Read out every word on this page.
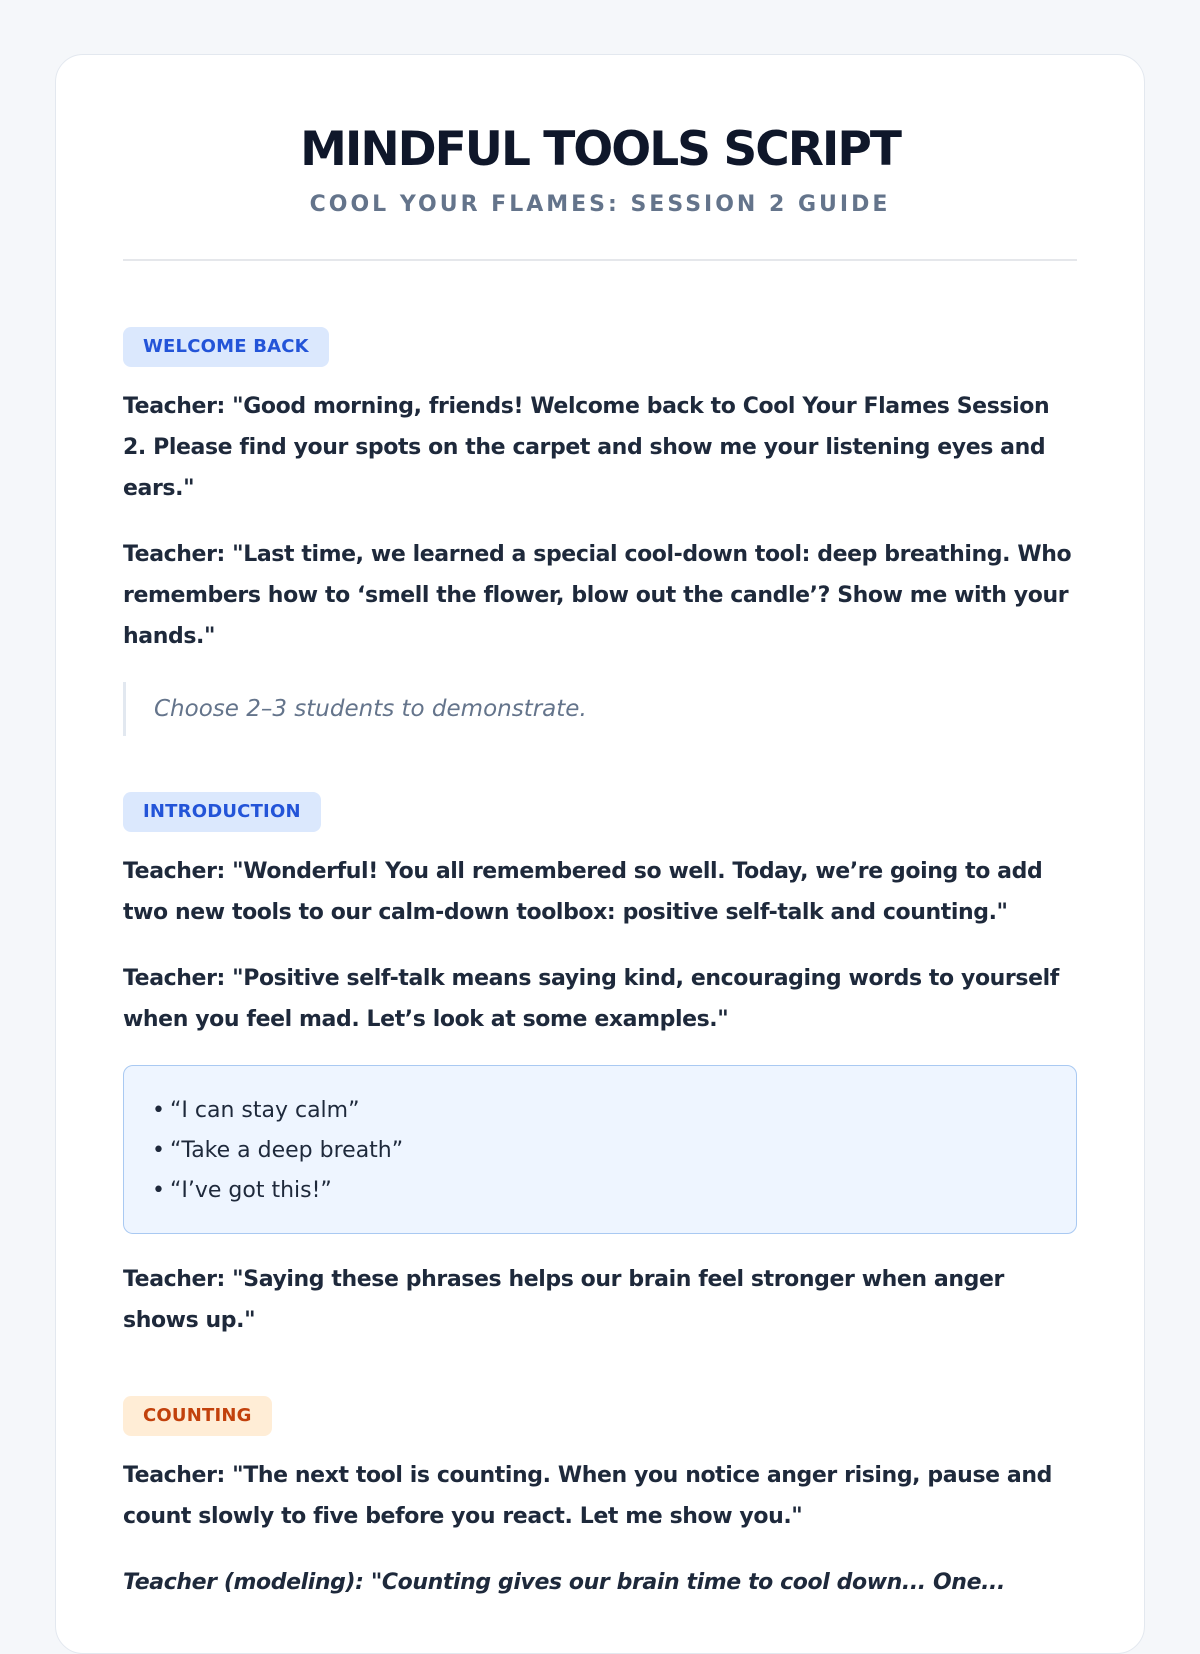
MINDFUL TOOLS SCRIPT
COOL YOUR FLAMES: SESSION 2 GUIDE
WELCOME BACK

Teacher: "Good morning, friends! Welcome back to Cool Your Flames Session 2. Please find your spots on the carpet and show me your listening eyes and ears."

Teacher: "Last time, we learned a special cool-down tool: deep breathing. Who remembers how to ‘smell the flower, blow out the candle’? Show me with your hands."

Choose 2–3 students to demonstrate.
INTRODUCTION

Teacher: "Wonderful! You all remembered so well. Today, we’re going to add two new tools to our calm-down toolbox: positive self-talk and counting."

Teacher: "Positive self-talk means saying kind, encouraging words to yourself when you feel mad. Let’s look at some examples."

• “I can stay calm”
• “Take a deep breath”
• “I’ve got this!”

Teacher: "Saying these phrases helps our brain feel stronger when anger shows up."

COUNTING

Teacher: "The next tool is counting. When you notice anger rising, pause and count slowly to five before you react. Let me show you."

Teacher (modeling): "Counting gives our brain time to cool down... One...
